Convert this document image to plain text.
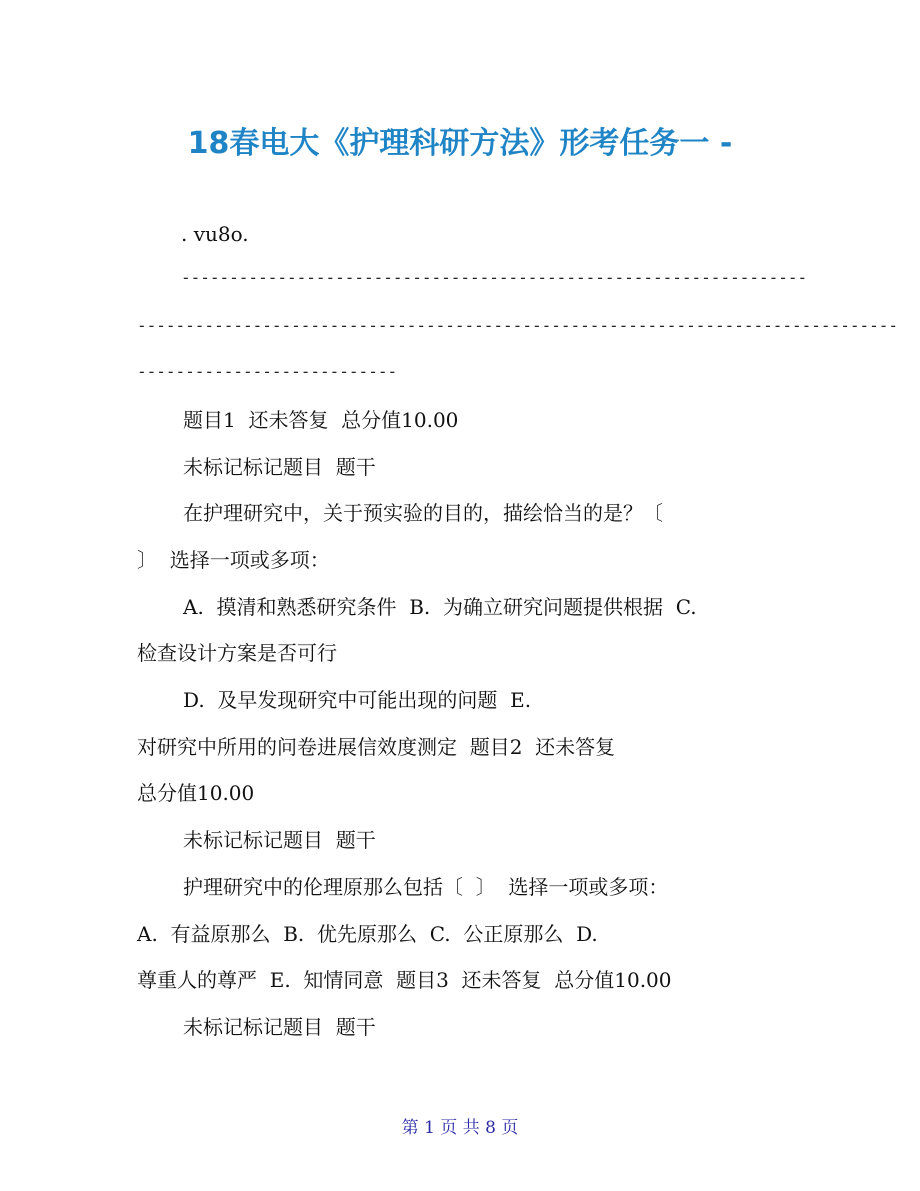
18春电大《护理科研方法》形考任务一 -
. vu8o.
-----------------------------------------------------------------
-------------------------------------------------------------------------------
---------------------------
题目1  还未答复  总分值10.00
未标记标记题目  题干
在护理研究中，关于预实验的目的，描绘恰当的是？〔
〕  选择一项或多项：
A.  摸清和熟悉研究条件  B.  为确立研究问题提供根据  C.
检查设计方案是否可行
D.  及早发现研究中可能出现的问题  E.
对研究中所用的问卷进展信效度测定  题目2  还未答复
总分值10.00
未标记标记题目  题干
护理研究中的伦理原那么包括〔  〕  选择一项或多项：
A.  有益原那么  B.  优先原那么  C.  公正原那么  D.
尊重人的尊严  E.  知情同意  题目3  还未答复  总分值10.00
未标记标记题目  题干
第 1 页 共 8 页
